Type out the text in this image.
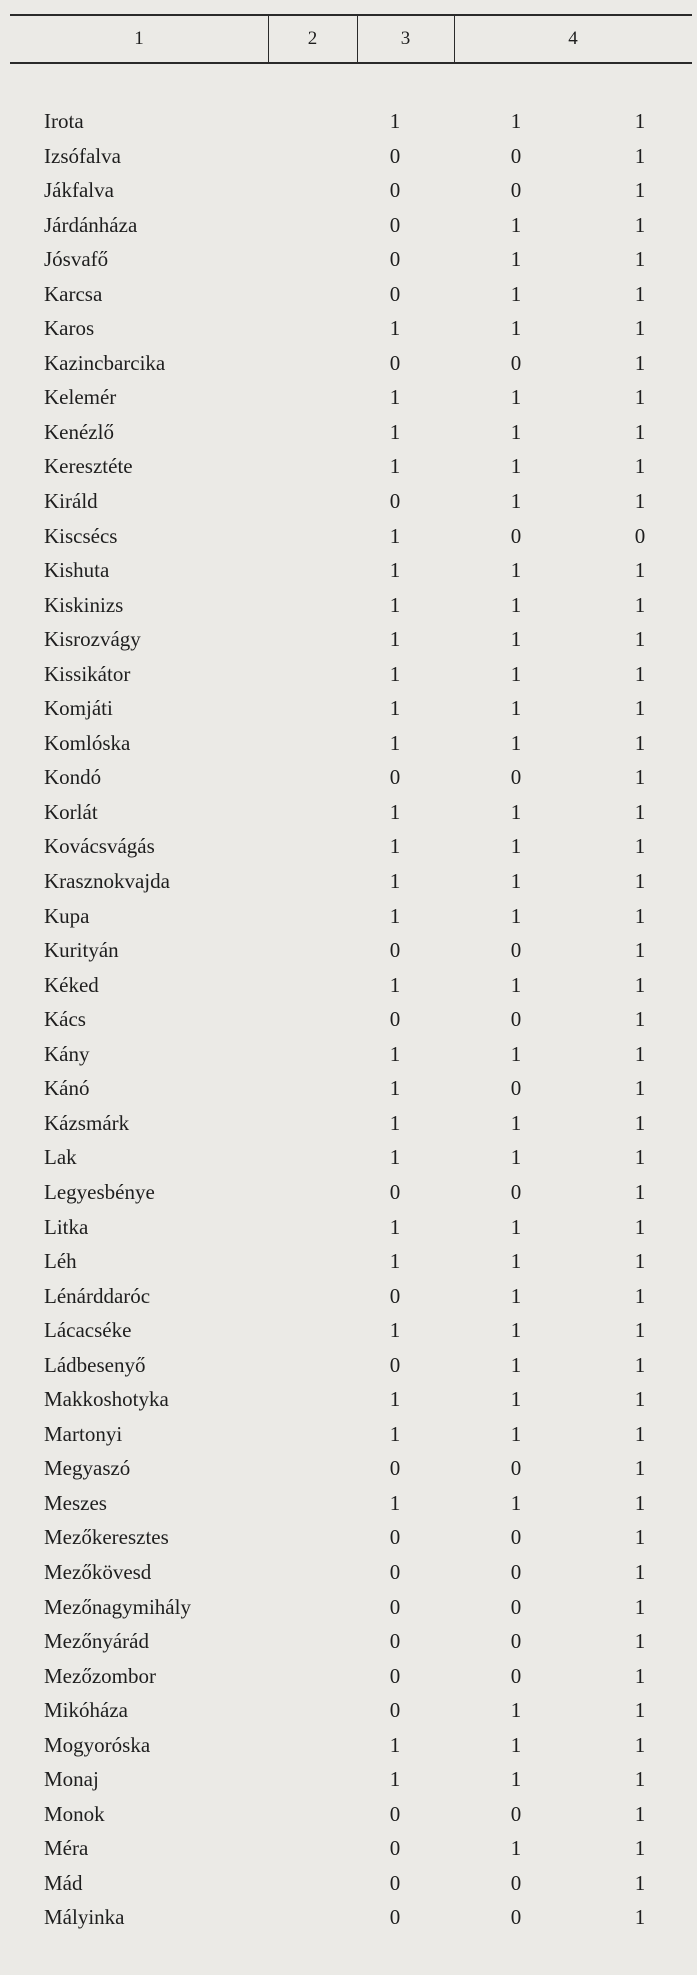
1	2	3	4
Irota	1	1	1
Izsófalva	0	0	1
Jákfalva	0	0	1
Járdánháza	0	1	1
Jósvafő	0	1	1
Karcsa	0	1	1
Karos	1	1	1
Kazincbarcika	0	0	1
Kelemér	1	1	1
Kenézlő	1	1	1
Keresztéte	1	1	1
Királd	0	1	1
Kiscsécs	1	0	0
Kishuta	1	1	1
Kiskinizs	1	1	1
Kisrozvágy	1	1	1
Kissikátor	1	1	1
Komjáti	1	1	1
Komlóska	1	1	1
Kondó	0	0	1
Korlát	1	1	1
Kovácsvágás	1	1	1
Krasznokvajda	1	1	1
Kupa	1	1	1
Kurityán	0	0	1
Kéked	1	1	1
Kács	0	0	1
Kány	1	1	1
Kánó	1	0	1
Kázsmárk	1	1	1
Lak	1	1	1
Legyesbénye	0	0	1
Litka	1	1	1
Léh	1	1	1
Lénárddaróc	0	1	1
Lácacséke	1	1	1
Ládbesenyő	0	1	1
Makkoshotyka	1	1	1
Martonyi	1	1	1
Megyaszó	0	0	1
Meszes	1	1	1
Mezőkeresztes	0	0	1
Mezőkövesd	0	0	1
Mezőnagymihály	0	0	1
Mezőnyárád	0	0	1
Mezőzombor	0	0	1
Mikóháza	0	1	1
Mogyoróska	1	1	1
Monaj	1	1	1
Monok	0	0	1
Méra	0	1	1
Mád	0	0	1
Mályinka	0	0	1
